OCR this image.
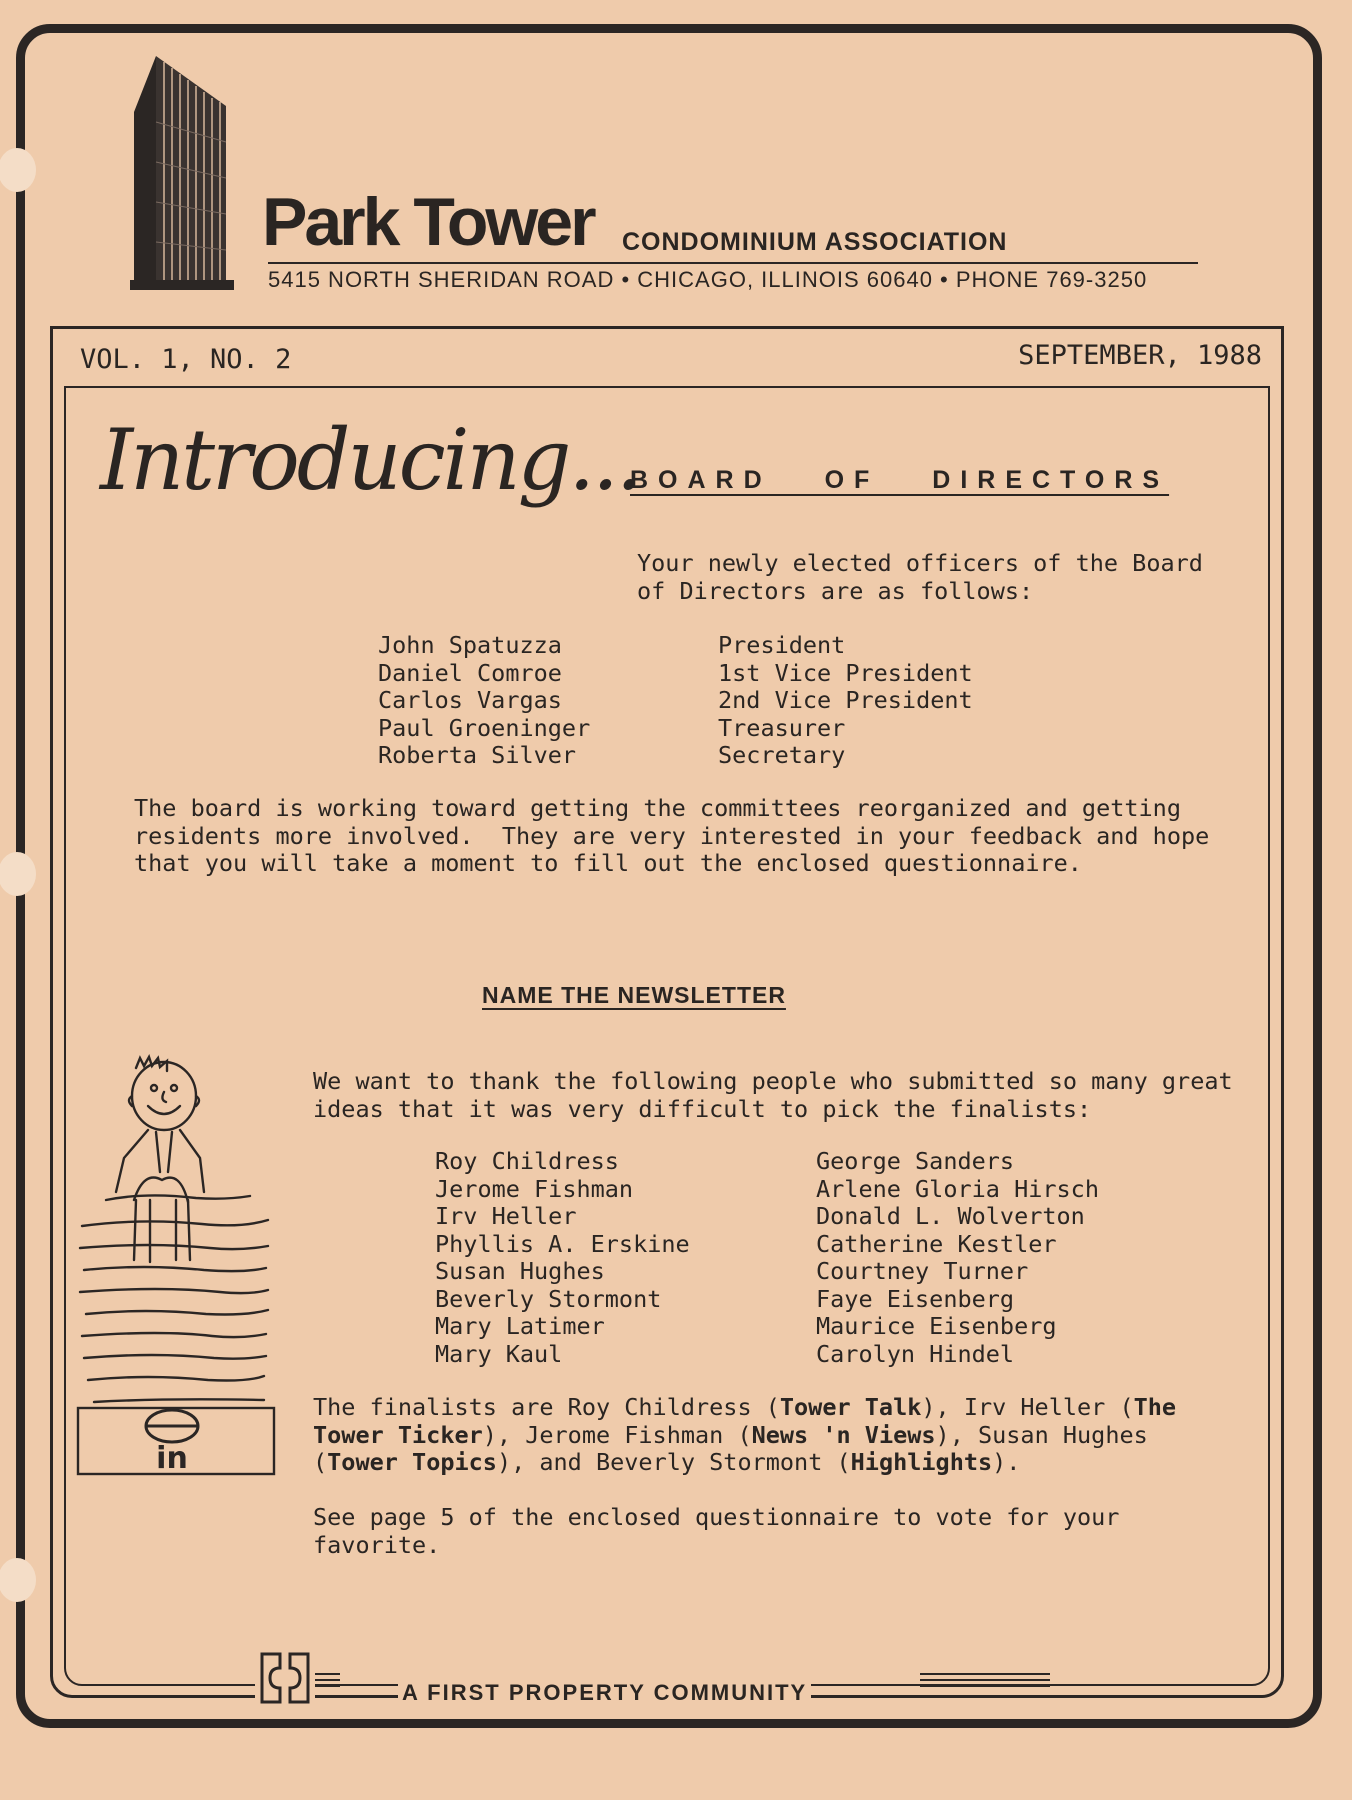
Park Tower CONDOMINIUM ASSOCIATION
5415 NORTH SHERIDAN ROAD • CHICAGO, ILLINOIS 60640 • PHONE 769-3250
VOL. 1, NO. 2	SEPTEMBER, 1988
Introducing...
BOARD OF DIRECTORS
Your newly elected officers of the Board
of Directors are as follows:
John Spatuzza
Daniel Comroe
Carlos Vargas
Paul Groeninger
Roberta Silver
President
1st Vice President
2nd Vice President
Treasurer
Secretary
The board is working toward getting the committees reorganized and getting
residents more involved.  They are very interested in your feedback and hope
that you will take a moment to fill out the enclosed questionnaire.
NAME THE NEWSLETTER
in
We want to thank the following people who submitted so many great
ideas that it was very difficult to pick the finalists:
Roy Childress
Jerome Fishman
Irv Heller
Phyllis A. Erskine
Susan Hughes
Beverly Stormont
Mary Latimer
Mary Kaul
George Sanders
Arlene Gloria Hirsch
Donald L. Wolverton
Catherine Kestler
Courtney Turner
Faye Eisenberg
Maurice Eisenberg
Carolyn Hindel
The finalists are Roy Childress (Tower Talk), Irv Heller (The
Tower Ticker), Jerome Fishman (News 'n Views), Susan Hughes
(Tower Topics), and Beverly Stormont (Highlights).
See page 5 of the enclosed questionnaire to vote for your
favorite.
A FIRST PROPERTY COMMUNITY
